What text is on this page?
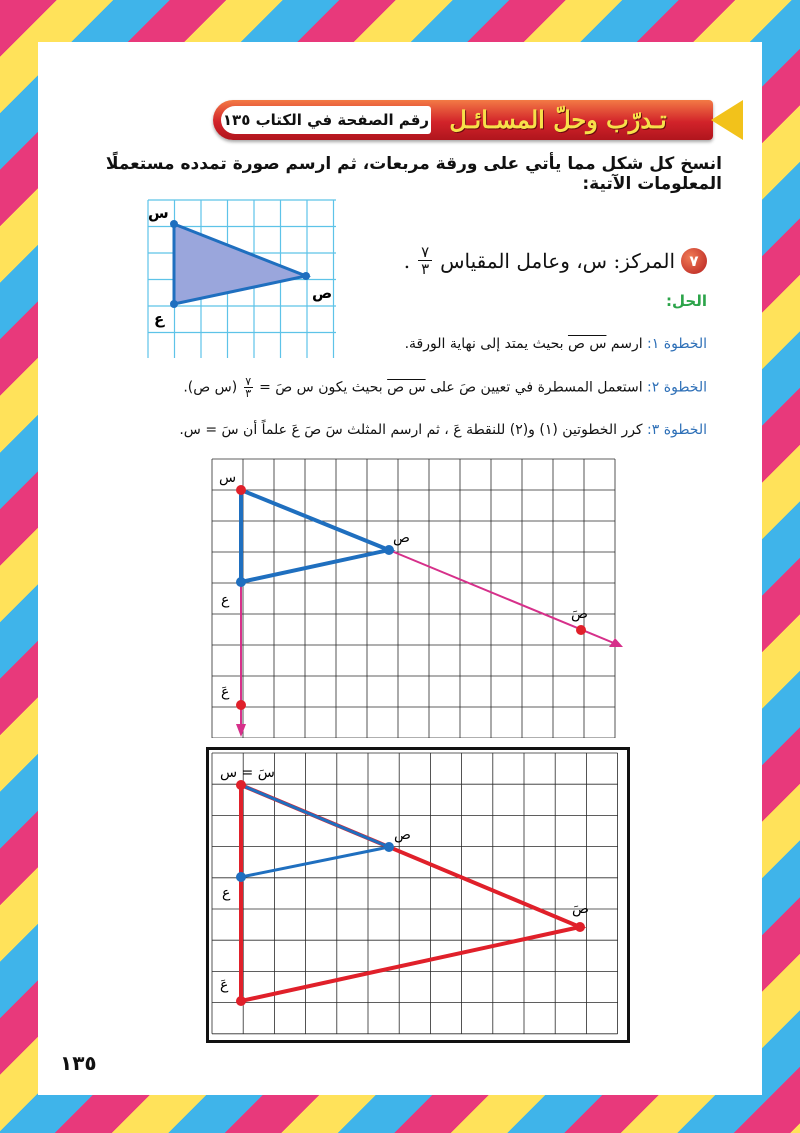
رقم الصفحة في الكتاب ١٣٥ تـدرّب وحلّ المسـائـل
انسخ كل شكل مما يأتي على ورقة مربعات، ثم ارسم صورة تمدده مستعملًا المعلومات الآتية:
س
ص
ع
٧
المركز: س، وعامل المقياس
$\frac{٧}{٣}$
.
الحل:
الخطوة ١: ارسم س ص بحيث يمتد إلى نهاية الورقة.
الخطوة ٢: استعمل المسطرة في تعيين صَ على س ص بحيث يكون س صَ =
$\frac{٧}{٣}$
(س ص).
الخطوة ٣: كرر الخطوتين (١) و(٢) للنقطة عَ ، ثم ارسم المثلث سَ صَ عَ علماً أن سَ = س.
س
ص
ع
صَ
عَ
سَ = س
ص
ع
صَ
عَ
١٣٥
